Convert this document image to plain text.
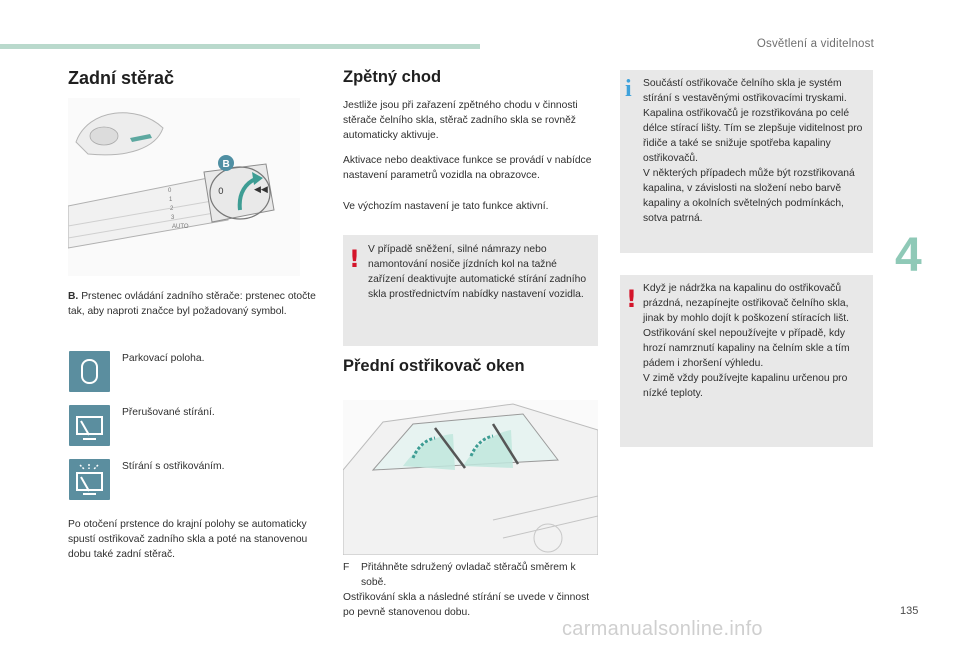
Osvětlení a viditelnost
4
135
carmanualsonline.info
Zadní stěrač
0
1
2
3
AUTO
0	◀◀
B
B. Prstenec ovládání zadního stěrače: prstenec otočte tak, aby naproti značce byl požadovaný symbol.
Parkovací poloha.
Přerušované stírání.
Stírání s ostřikováním.
Po otočení prstence do krajní polohy se automaticky spustí ostřikovač zadního skla a poté na stanovenou dobu také zadní stěrač.
Zpětný chod
Jestliže jsou při zařazení zpětného chodu v činnosti stěrače čelního skla, stěrač zadního skla se rovněž automaticky aktivuje.
Aktivace nebo deaktivace funkce se provádí v nabídce nastavení parametrů vozidla na obrazovce.
Ve výchozím nastavení je tato funkce aktivní.
! V případě sněžení, silné námrazy nebo namontování nosiče jízdních kol na tažné zařízení deaktivujte automatické stírání zadního skla prostřednictvím nabídky nastavení vozidla.
Přední ostřikovač oken
F	Přitáhněte sdružený ovladač stěračů směrem k sobě.
Ostřikování skla a následné stírání se uvede v činnost po pevně stanovenou dobu.
i Součástí ostřikovače čelního skla je systém stírání s vestavěnými ostřikovacími tryskami.
Kapalina ostřikovačů je rozstřikována po celé délce stírací lišty. Tím se zlepšuje viditelnost pro řidiče a také se snižuje spotřeba kapaliny ostřikovačů.
V některých případech může být rozstřikovaná kapalina, v závislosti na složení nebo barvě kapaliny a okolních světelných podmínkách, sotva patrná.
! Když je nádržka na kapalinu do ostřikovačů prázdná, nezapínejte ostřikovač čelního skla, jinak by mohlo dojít k poškození stíracích lišt.
Ostřikování skel nepoužívejte v případě, kdy hrozí namrznutí kapaliny na čelním skle a tím pádem i zhoršení výhledu.
V zimě vždy používejte kapalinu určenou pro nízké teploty.
